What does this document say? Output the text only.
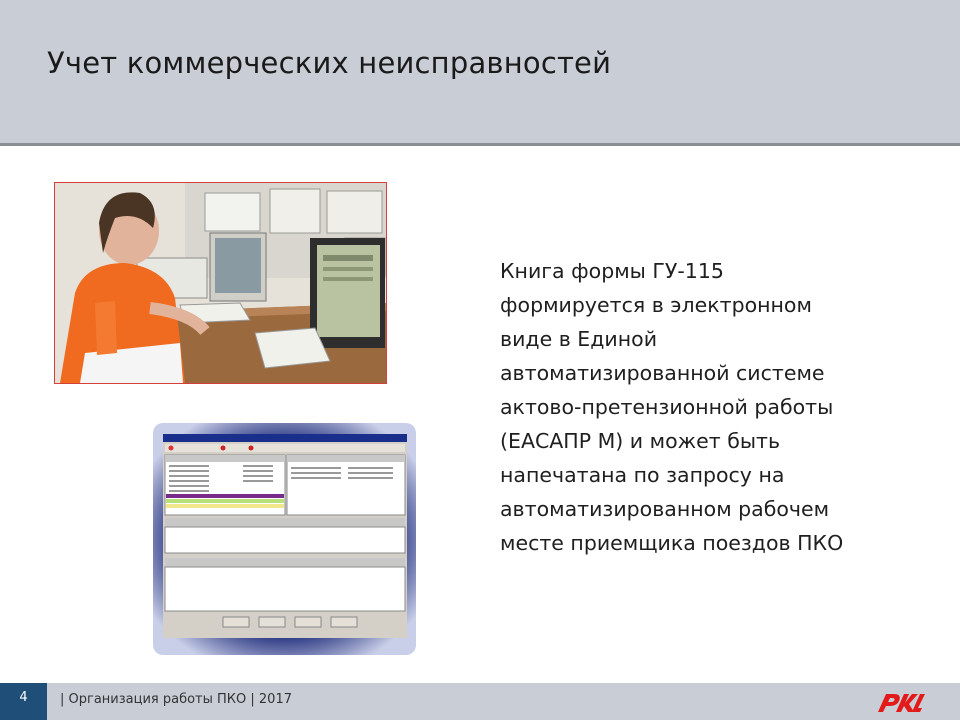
Учет коммерческих неисправностей
Книга формы ГУ-115
формируется в электронном
виде в Единой
автоматизированной системе
актово-претензионной работы
(ЕАСАПР М) и может быть
напечатана по запросу на
автоматизированном рабочем
месте приемщика поездов ПКО
4	| Организация работы ПКО | 2017
